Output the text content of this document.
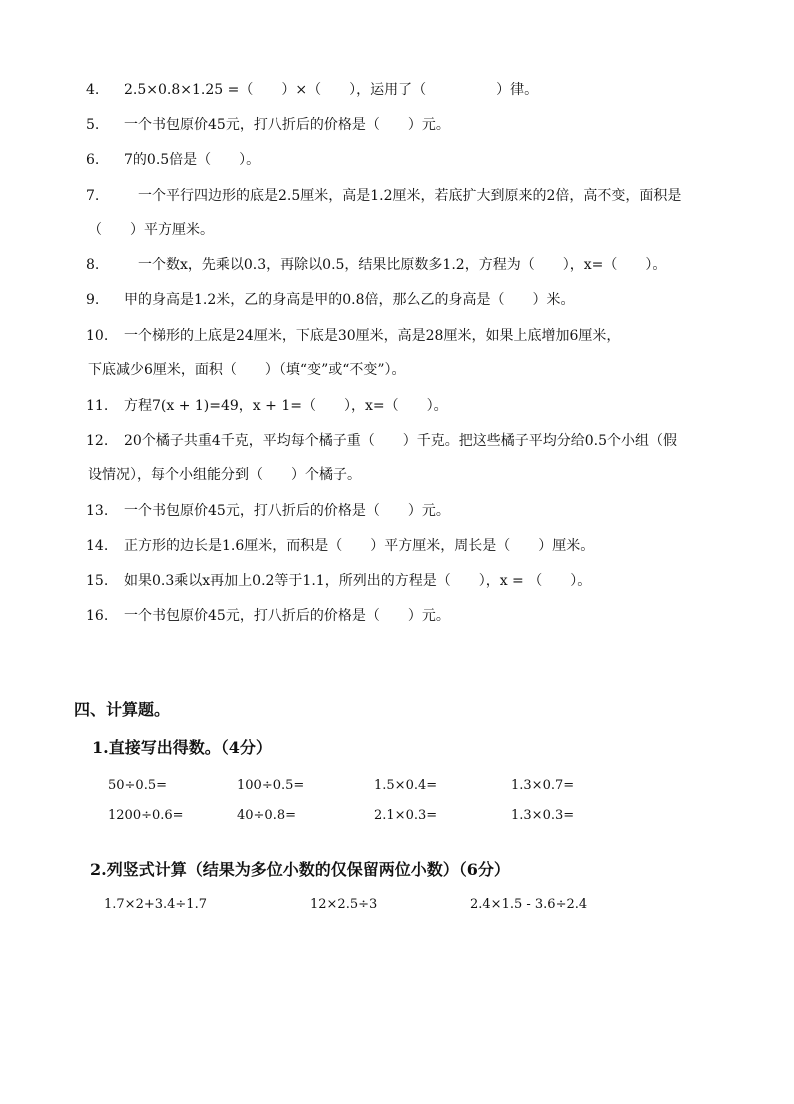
4. 2.5×0.8×1.25 =（　　）×（　　），运用了（　　　　　）律。
5. 一个书包原价45元，打八折后的价格是（　　）元。
6. 7的0.5倍是（　　）。
7.　一个平行四边形的底是2.5厘米，高是1.2厘米，若底扩大到原来的2倍，高不变，面积是
（　　）平方厘米。
8.　一个数x，先乘以0.3，再除以0.5，结果比原数多1.2，方程为（　　），x=（　　）。
9. 甲的身高是1.2米，乙的身高是甲的0.8倍，那么乙的身高是（　　）米。
10. 一个梯形的上底是24厘米，下底是30厘米，高是28厘米，如果上底增加6厘米，
下底减少6厘米，面积（　　）（填“变”或“不变”）。
11. 方程7(x + 1)=49，x + 1=（　　），x=（　　）。
12. 20个橘子共重4千克，平均每个橘子重（　　）千克。把这些橘子平均分给0.5个小组（假
设情况），每个小组能分到（　　）个橘子。
13. 一个书包原价45元，打八折后的价格是（　　）元。
14. 正方形的边长是1.6厘米，而积是（　　）平方厘米，周长是（　　）厘米。
15. 如果0.3乘以x再加上0.2等于1.1，所列出的方程是（　　），x = （　　）。
16. 一个书包原价45元，打八折后的价格是（　　）元。
四、计算题。
1.直接写出得数。（4分）
50÷0.5=	100÷0.5=	1.5×0.4=	1.3×0.7=
1200÷0.6=	40÷0.8=	2.1×0.3=	1.3×0.3=
2.列竖式计算（结果为多位小数的仅保留两位小数）（6分）
1.7×2+3.4÷1.7	12×2.5÷3	2.4×1.5 - 3.6÷2.4
